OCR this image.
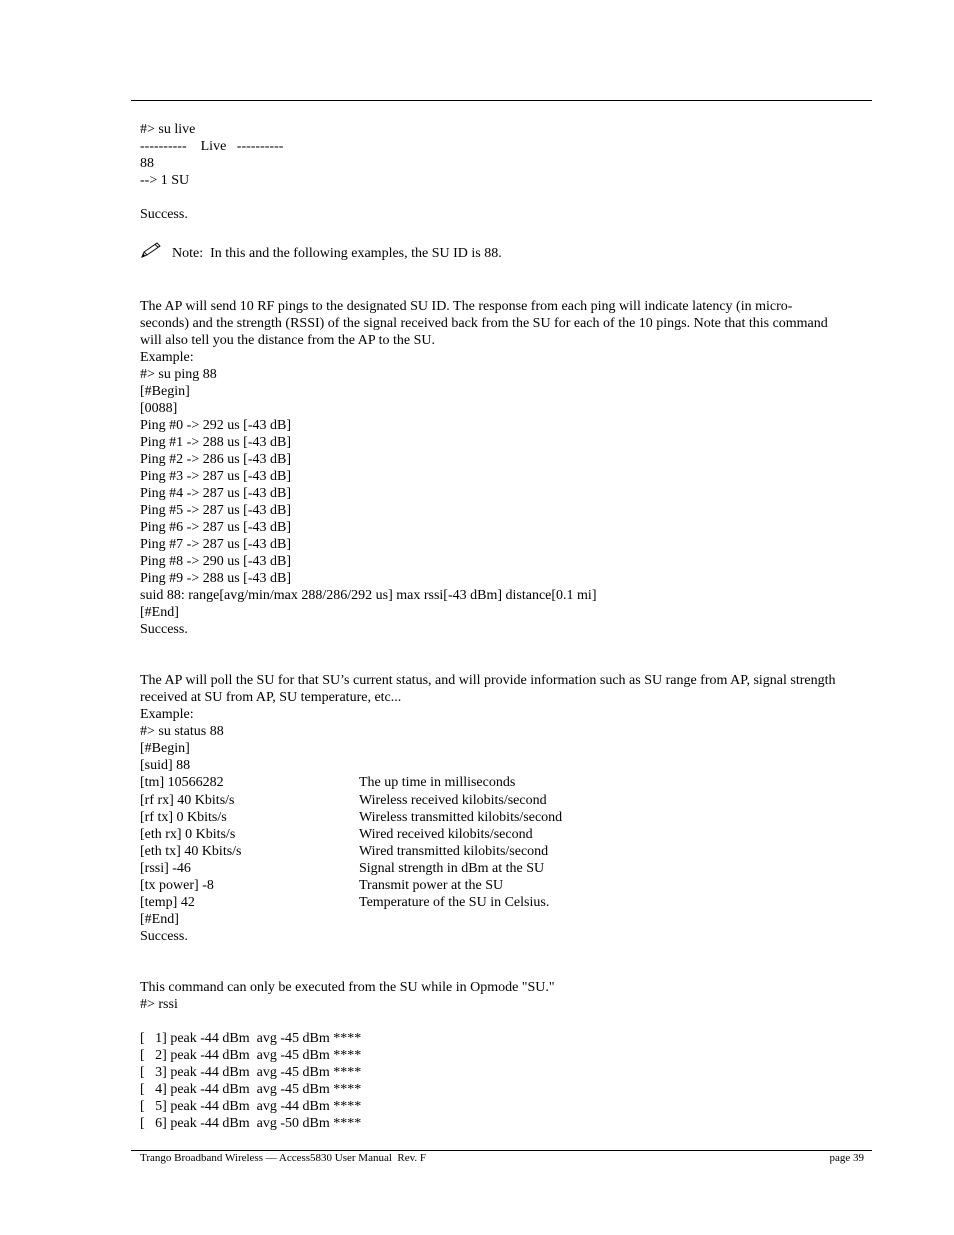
#> su live
----------    Live   ----------
88
--> 1 SU
Success.
Note:  In this and the following examples, the SU ID is 88.
The AP will send 10 RF pings to the designated SU ID. The response from each ping will indicate latency (in micro-seconds) and the strength (RSSI) of the signal received back from the SU for each of the 10 pings. Note that this command will also tell you the distance from the AP to the SU.
Example:
#> su ping 88
[#Begin]
[0088]
Ping #0 -> 292 us [-43 dB]
Ping #1 -> 288 us [-43 dB]
Ping #2 -> 286 us [-43 dB]
Ping #3 -> 287 us [-43 dB]
Ping #4 -> 287 us [-43 dB]
Ping #5 -> 287 us [-43 dB]
Ping #6 -> 287 us [-43 dB]
Ping #7 -> 287 us [-43 dB]
Ping #8 -> 290 us [-43 dB]
Ping #9 -> 288 us [-43 dB]
suid 88: range[avg/min/max 288/286/292 us] max rssi[-43 dBm] distance[0.1 mi]
[#End]
Success.
The AP will poll the SU for that SU’s current status, and will provide information such as SU range from AP, signal strength received at SU from AP, SU temperature, etc...
Example:
#> su status 88
[#Begin]
[suid] 88
[tm] 10566282	The up time in milliseconds
[rf rx] 40 Kbits/s	Wireless received kilobits/second
[rf tx] 0 Kbits/s	Wireless transmitted kilobits/second
[eth rx] 0 Kbits/s	Wired received kilobits/second
[eth tx] 40 Kbits/s	Wired transmitted kilobits/second
[rssi] -46	Signal strength in dBm at the SU
[tx power] -8	Transmit power at the SU
[temp] 42	Temperature of the SU in Celsius.
[#End]
Success.
This command can only be executed from the SU while in Opmode "SU."
#> rssi
[   1] peak -44 dBm  avg -45 dBm ****
[   2] peak -44 dBm  avg -45 dBm ****
[   3] peak -44 dBm  avg -45 dBm ****
[   4] peak -44 dBm  avg -45 dBm ****
[   5] peak -44 dBm  avg -44 dBm ****
[   6] peak -44 dBm  avg -50 dBm ****
Trango Broadband Wireless — Access5830 User Manual  Rev. F	page 39
